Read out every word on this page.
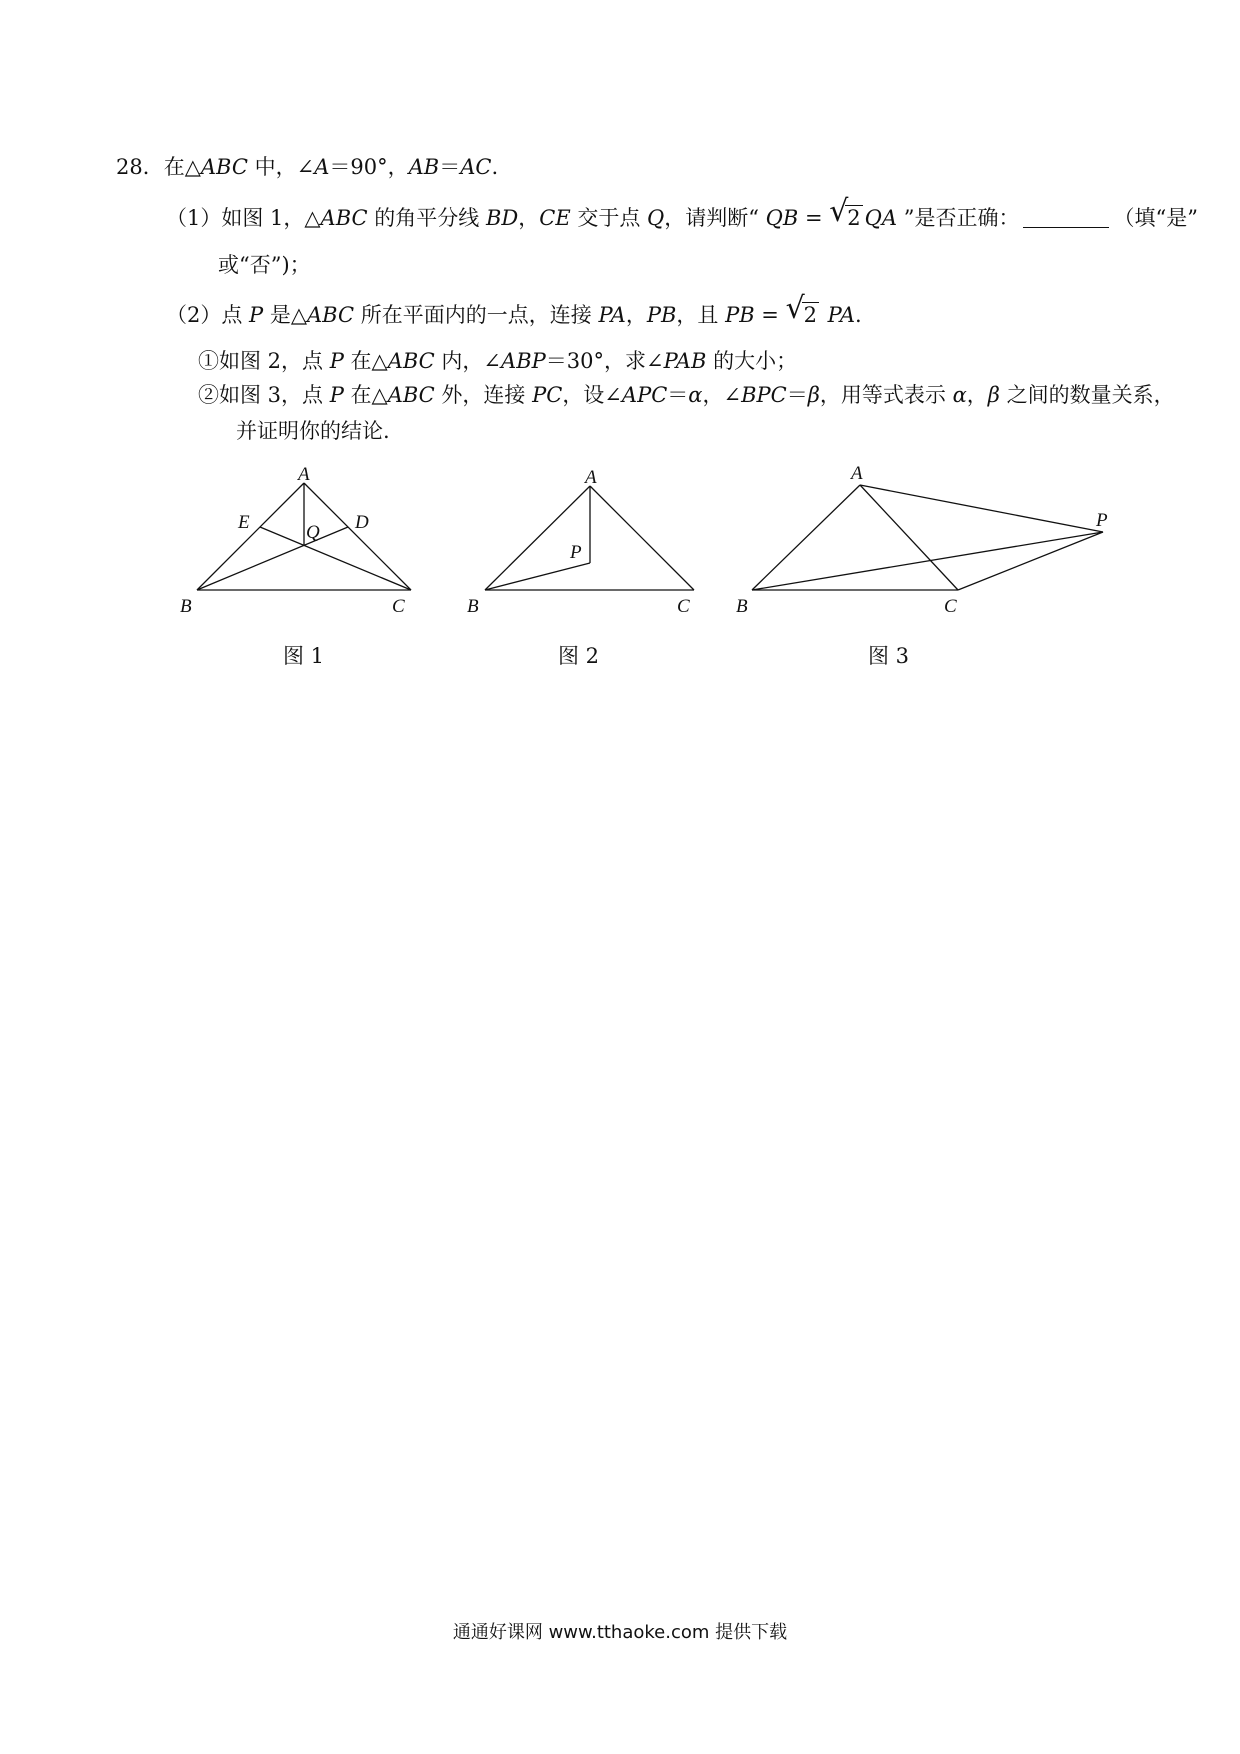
28．在△ABC 中，∠A＝90°，AB＝AC.
（1）如图 1，△ABC 的角平分线 BD，CE 交于点 Q，请判断“ QB = √ 2 QA ”是否正确：	（填“是”
或“否”)；
（2）点 P 是△ABC 所在平面内的一点，连接 PA，PB，且 PB = √ 2 PA.
①如图 2，点 P 在△ABC 内，∠ABP＝30°，求∠PAB 的大小；
②如图 3，点 P 在△ABC 外，连接 PC，设∠APC＝α，∠BPC＝β，用等式表示 α，β 之间的数量关系，
并证明你的结论.
A
B	C
D
E	Q
A
B	C
P
A
B	C
P
图 1	图 2	图 3
通通好课网 www.tthaoke.com 提供下载
